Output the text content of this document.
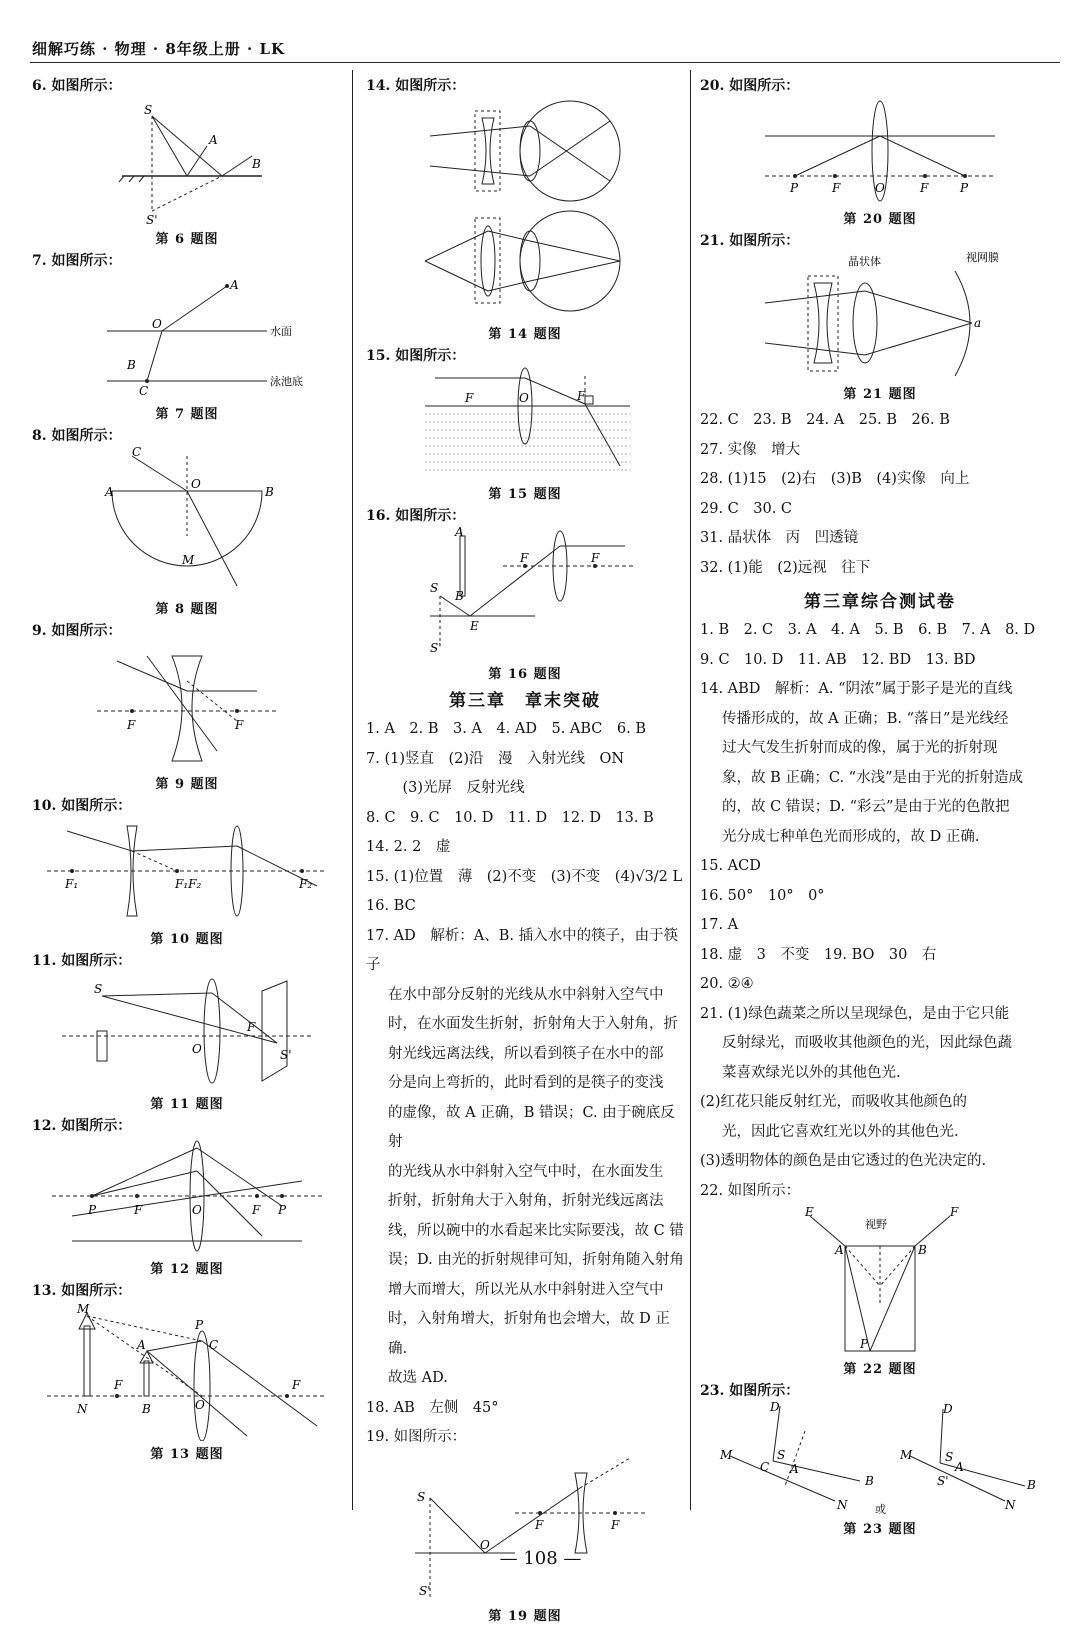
细解巧练 · 物理 · 8年级上册 · LK
6. 如图所示：
S
A
B
S'
第 6 题图
7. 如图所示：
A
O
B
C
水面
泳池底
第 7 题图
8. 如图所示：
C
A
O
B
M
第 8 题图
9. 如图所示：
F	F
第 9 题图
10. 如图所示：
F₁	F₁F₂	F₂
第 10 题图
11. 如图所示：
S
O
F
S'
第 11 题图
12. 如图所示：
P	F	O	F P
第 12 题图
13. 如图所示：
M
N
F
B
A
P
C
O
F
第 13 题图
14. 如图所示：
第 14 题图
15. 如图所示：
F	O	F
第 15 题图
16. 如图所示：
A
S
B
E
S'
F	F
第 16 题图
第三章　章末突破
1. A　2. B　3. A　4. AD　5. ABC　6. B
7. (1)竖直　(2)沿　漫　入射光线　ON
　(3)光屏　反射光线
8. C　9. C　10. D　11. D　12. D　13. B
14. 2. 2　虚
15. (1)位置　薄　(2)不变　(3)不变　(4)√3/2 L
16. BC
17. AD　解析：A、B. 插入水中的筷子，由于筷子
在水中部分反射的光线从水中斜射入空气中
时，在水面发生折射，折射角大于入射角，折
射光线远离法线，所以看到筷子在水中的部
分是向上弯折的，此时看到的是筷子的变浅
的虚像，故 A 正确，B 错误；C. 由于碗底反射
的光线从水中斜射入空气中时，在水面发生
折射，折射角大于入射角，折射光线远离法
线，所以碗中的水看起来比实际要浅，故 C 错
误；D. 由光的折射规律可知，折射角随入射角
增大而增大，所以光从水中斜射进入空气中
时，入射角增大，折射角也会增大，故 D 正确.
故选 AD.
18. AB　左侧　45°
19. 如图所示：
S
O
F	F
S'
第 19 题图
20. 如图所示：
P	F	O	F	P
第 20 题图
21. 如图所示：
晶状体	视网膜
a
第 21 题图
22. C　23. B　24. A　25. B　26. B
27. 实像　增大
28. (1)15　(2)右　(3)B　(4)实像　向上
29. C　30. C
31. 晶状体　丙　凹透镜
32. (1)能　(2)远视　往下
第三章综合测试卷
1. B　2. C　3. A　4. A　5. B　6. B　7. A　8. D
9. C　10. D　11. AB　12. BD　13. BD
14. ABD　解析：A. “阴浓”属于影子是光的直线
传播形成的，故 A 正确；B. “落日”是光线经
过大气发生折射而成的像，属于光的折射现
象，故 B 正确；C. “水浅”是由于光的折射造成
的，故 C 错误；D. “彩云”是由于光的色散把
光分成七种单色光而形成的，故 D 正确.
15. ACD
16. 50°　10°　0°
17. A
18. 虚　3　不变　19. BO　30　右
20. ②④
21. (1)绿色蔬菜之所以呈现绿色，是由于它只能
反射绿光，而吸收其他颜色的光，因此绿色蔬
菜喜欢绿光以外的其他色光.
(2)红花只能反射红光，而吸收其他颜色的
光，因此它喜欢红光以外的其他色光.
(3)透明物体的颜色是由它透过的色光决定的.
22. 如图所示：
E	F
A	B
P
视野
第 22 题图
23. 如图所示：
M
D
C
S
A
B
N
M
D
S
A
S'	B
N
或
第 23 题图
— 108 —
